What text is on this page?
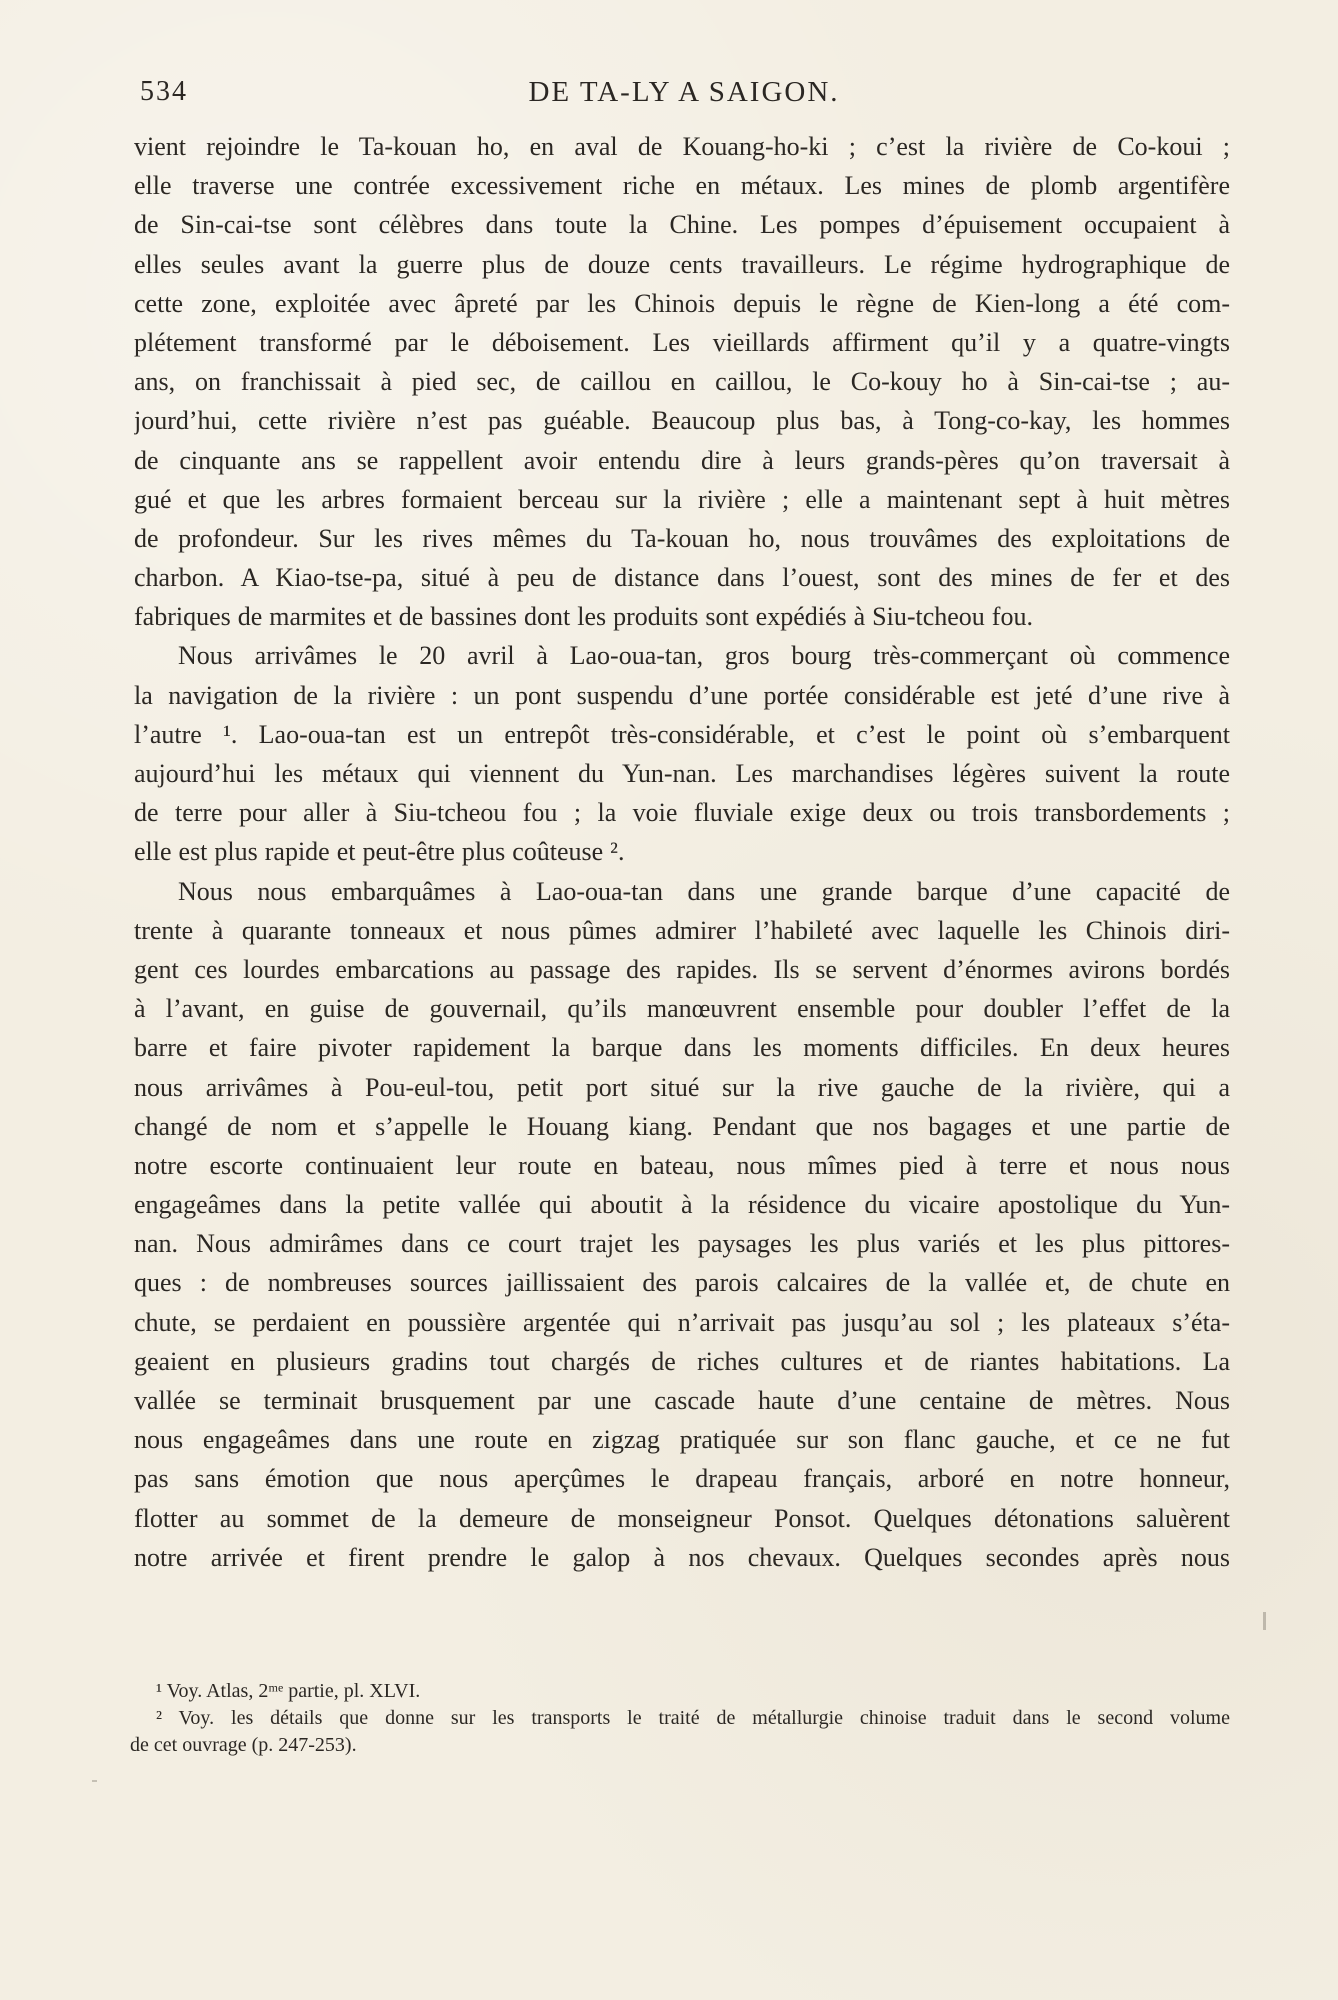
534	DE TA-LY A SAIGON.
vient rejoindre le Ta-kouan ho, en aval de Kouang-ho-ki ; c’est la rivière de Co-koui ;
elle traverse une contrée excessivement riche en métaux. Les mines de plomb argentifère
de Sin-cai-tse sont célèbres dans toute la Chine. Les pompes d’épuisement occupaient à
elles seules avant la guerre plus de douze cents travailleurs. Le régime hydrographique de
cette zone, exploitée avec âpreté par les Chinois depuis le règne de Kien-long a été com-
plétement transformé par le déboisement. Les vieillards affirment qu’il y a quatre-vingts
ans, on franchissait à pied sec, de caillou en caillou, le Co-kouy ho à Sin-cai-tse ; au-
jourd’hui, cette rivière n’est pas guéable. Beaucoup plus bas, à Tong-co-kay, les hommes
de cinquante ans se rappellent avoir entendu dire à leurs grands-pères qu’on traversait à
gué et que les arbres formaient berceau sur la rivière ; elle a maintenant sept à huit mètres
de profondeur. Sur les rives mêmes du Ta-kouan ho, nous trouvâmes des exploitations de
charbon. A Kiao-tse-pa, situé à peu de distance dans l’ouest, sont des mines de fer et des
fabriques de marmites et de bassines dont les produits sont expédiés à Siu-tcheou fou.
Nous arrivâmes le 20 avril à Lao-oua-tan, gros bourg très-commerçant où commence
la navigation de la rivière : un pont suspendu d’une portée considérable est jeté d’une rive à
l’autre ¹. Lao-oua-tan est un entrepôt très-considérable, et c’est le point où s’embarquent
aujourd’hui les métaux qui viennent du Yun-nan. Les marchandises légères suivent la route
de terre pour aller à Siu-tcheou fou ; la voie fluviale exige deux ou trois transbordements ;
elle est plus rapide et peut-être plus coûteuse ².
Nous nous embarquâmes à Lao-oua-tan dans une grande barque d’une capacité de
trente à quarante tonneaux et nous pûmes admirer l’habileté avec laquelle les Chinois diri-
gent ces lourdes embarcations au passage des rapides. Ils se servent d’énormes avirons bordés
à l’avant, en guise de gouvernail, qu’ils manœuvrent ensemble pour doubler l’effet de la
barre et faire pivoter rapidement la barque dans les moments difficiles. En deux heures
nous arrivâmes à Pou-eul-tou, petit port situé sur la rive gauche de la rivière, qui a
changé de nom et s’appelle le Houang kiang. Pendant que nos bagages et une partie de
notre escorte continuaient leur route en bateau, nous mîmes pied à terre et nous nous
engageâmes dans la petite vallée qui aboutit à la résidence du vicaire apostolique du Yun-
nan. Nous admirâmes dans ce court trajet les paysages les plus variés et les plus pittores-
ques : de nombreuses sources jaillissaient des parois calcaires de la vallée et, de chute en
chute, se perdaient en poussière argentée qui n’arrivait pas jusqu’au sol ; les plateaux s’éta-
geaient en plusieurs gradins tout chargés de riches cultures et de riantes habitations. La
vallée se terminait brusquement par une cascade haute d’une centaine de mètres. Nous
nous engageâmes dans une route en zigzag pratiquée sur son flanc gauche, et ce ne fut
pas sans émotion que nous aperçûmes le drapeau français, arboré en notre honneur,
flotter au sommet de la demeure de monseigneur Ponsot. Quelques détonations saluèrent
notre arrivée et firent prendre le galop à nos chevaux. Quelques secondes après nous
¹ Voy. Atlas, 2ᵐᵉ partie, pl. XLVI.
² Voy. les détails que donne sur les transports le traité de métallurgie chinoise traduit dans le second volume
de cet ouvrage (p. 247-253).
